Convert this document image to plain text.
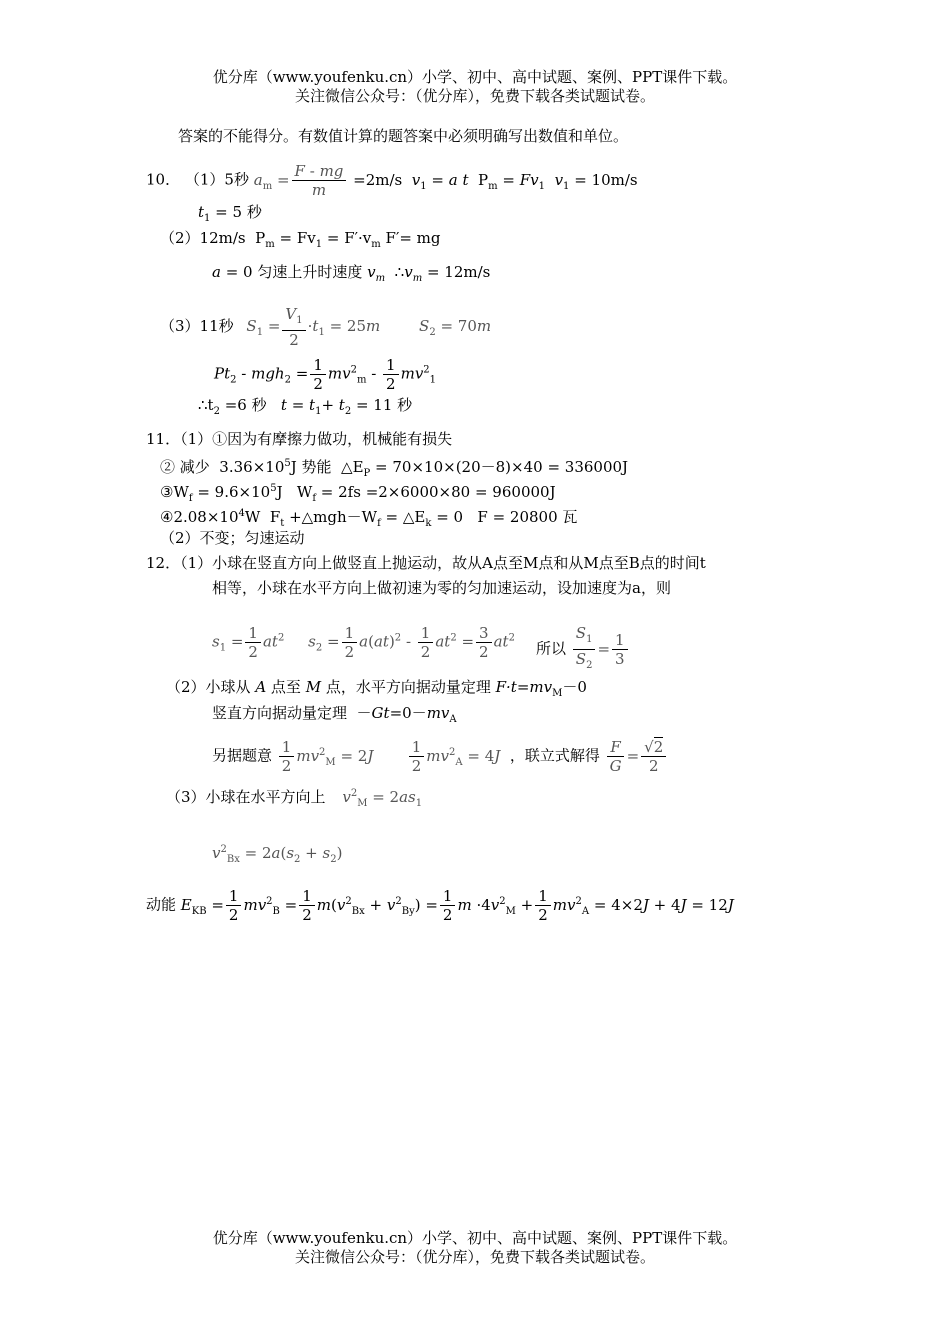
优分库（www.youfenku.cn）小学、初中、高中试题、案例、PPT课件下载。
关注微信公众号：（优分库），免费下载各类试题试卷。
答案的不能得分。有数值计算的题答案中必须明确写出数值和单位。
10． （1）5秒 $a_m = \frac{F - mg}{m} =2m/s$  $v_1 = a$ t  $P_m = Fv_1$ $v_1 = 10m/s$
$t_1 = 5$ 秒
（2）12m/s  $P_m = Fv_1 = F'\cdot v_m$ F′= mg
a = 0 匀速上升时速度 $v_m$  $\therefore v_m = 12m/s$
（3）11秒 $S_1 = \frac{V_1}{2} \cdot t_1 = 25m$	$S_2 = 70m$
$Pt_2 - mgh_2 = \frac{1}{2} mv^2_m - \frac{1}{2} mv^2_1$
$\therefore t_2 =6$ 秒   $t = t_1+ t_2 = 11$ 秒
11．（1）①因为有摩擦力做功，机械能有损失
② 减少  $3.36\times 10^5J$ 势能  $\triangle E_P = 70\times 10\times(20-8)\times 40 = 336000J$
$③W_f = 9.6\times 10^5J$   $W_f = 2fs =2\times 6000\times 80 = 960000J$
$④2.08\times 10^4W$  $F_t$ $+\triangle mgh-W_f$ = $\triangle E_k = 0$   F = 20800 瓦
（2）不变；匀速运动
12．（1）小球在竖直方向上做竖直上抛运动，故从A点至M点和从M点至B点的时间t
相等，小球在水平方向上做初速为零的匀加速运动，设加速度为a，则
$s_1 = \frac{1}{2} at^2$ $s_2 = \frac{1}{2} a(at)^2 - \frac{1}{2} at^2 = \frac{3}{2} at^2$
所以 $\frac{S_1}{S_2} = \frac{1}{3}$
（2）小球从 A 点至 M 点，水平方向据动量定理 $F\cdot t=mv_M-0$
竖直方向据动量定理  $-Gt=0-mv_A$
另据题意 $\frac{1}{2} mv^2_M = 2J \frac{1}{2} mv^2_A = 4J$ ，联立式解得 $\frac{F}{G} = \frac{√2}{2}$
（3）小球在水平方向上 $v^2_M = 2as_1$
$v^2_{Bx} = 2a(s_2 + s_2)$
动能 $E_{KB} = \frac{1}{2} mv^2_B = \frac{1}{2} m(v^2_{Bx} + v^2_{By}) = \frac{1}{2}$ $m \cdot 4v^2_M + \frac{1}{2} mv^2_A = 4\times 2J + 4J = 12J$
优分库（www.youfenku.cn）小学、初中、高中试题、案例、PPT课件下载。
关注微信公众号：（优分库），免费下载各类试题试卷。
